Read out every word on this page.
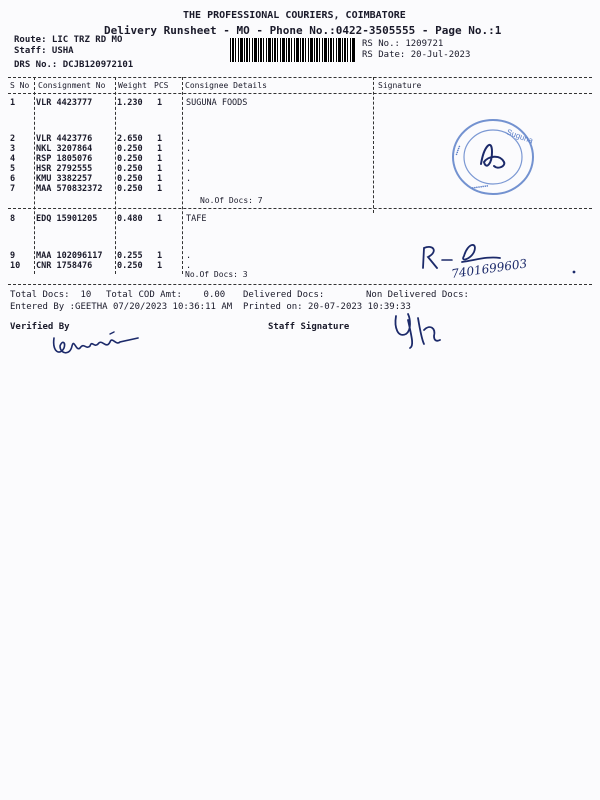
THE PROFESSIONAL COURIERS, COIMBATORE
Delivery Runsheet - MO - Phone No.:0422-3505555 - Page No.:1
Route: LIC TRZ RD MO
Staff: USHA
DRS No.: DCJB120972101
RS No.: 1209721
RS Date: 20-Jul-2023
S No Consignment No Weight PCS Consignee Details	Signature
1 VLR 4423777	1.230 1	SUGUNA FOODS
2 VLR 4423776	2.650 1	.
3 NKL 3207864	0.250 1	.
4 RSP 1805076	0.250 1	.
5 HSR 2792555	0.250 1	.
6 KMU 3382257	0.250 1	.
7 MAA 570832372 0.250 1	.
No.Of Docs: 7
8 EDQ 15901205 0.480 1	TAFE
9 MAA 102096117 0.255 1	.
10 CNR 1758476	0.250 1	.
No.Of Docs: 3
Suguna
•••••
••••••••
7401699603
Total Docs:  10 Total COD Amt:    0.00 Delivered Docs:	Non Delivered Docs:
Entered By :GEETHA 07/20/2023 10:36:11 AM Printed on: 20-07-2023 10:39:33
Verified By	Staff Signature
